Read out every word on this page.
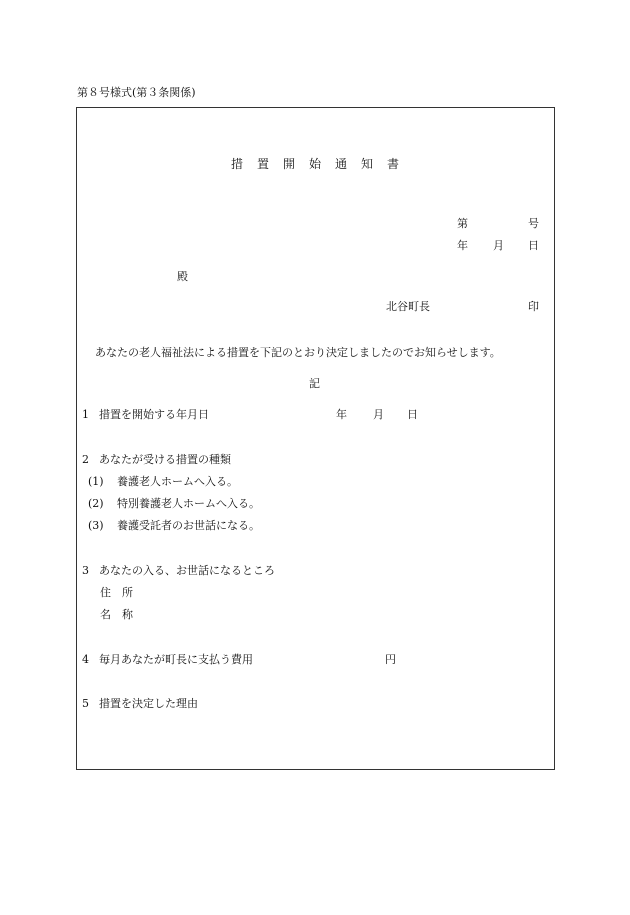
第８号様式(第３条関係)
措 置 開 始 通 知 書
第	号
年 月 日
殿
北谷町長	印
あなたの老人福祉法による措置を下記のとおり決定しましたのでお知らせします。
記
1 措置を開始する年月日	年 月 日
2 あなたが受ける措置の種類
(1) 養護老人ホームへ入る。
(2) 特別養護老人ホームへ入る。
(3) 養護受託者のお世話になる。
3 あなたの入る、お世話になるところ
住　所
名　称
4 毎月あなたが町長に支払う費用	円
5 措置を決定した理由
